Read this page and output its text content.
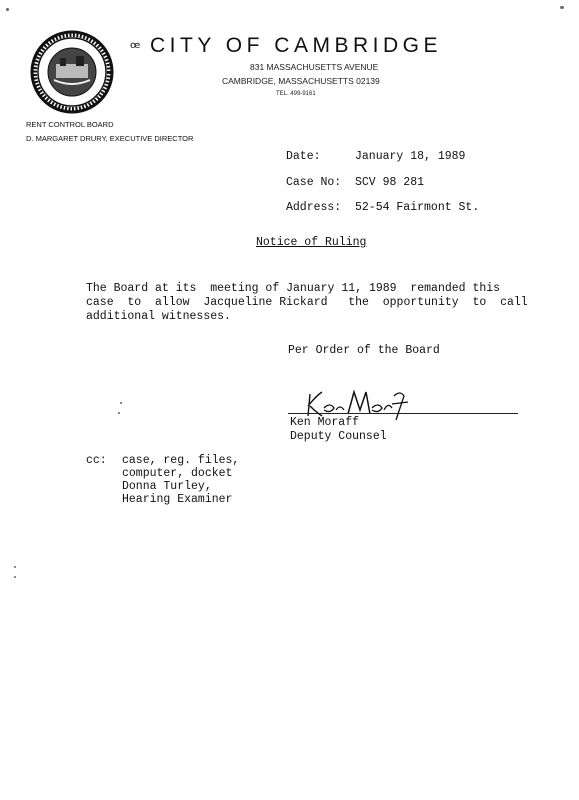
ꟹ CITY OF CAMBRIDGE
831 MASSACHUSETTS AVENUE
CAMBRIDGE, MASSACHUSETTS 02139
TEL. 499-9161
RENT CONTROL BOARD
D. MARGARET DRURY, EXECUTIVE DIRECTOR
Date:	January 18, 1989
Case No: SCV 98 281
Address: 52-54 Fairmont St.
Notice of Ruling
The Board at its  meeting of January 11, 1989  remanded this
case  to  allow  Jacqueline Rickard   the  opportunity  to  call
additional witnesses.
Per Order of the Board
Ken Moraff
Deputy Counsel
cc: case, reg. files,
computer, docket
Donna Turley,
Hearing Examiner
